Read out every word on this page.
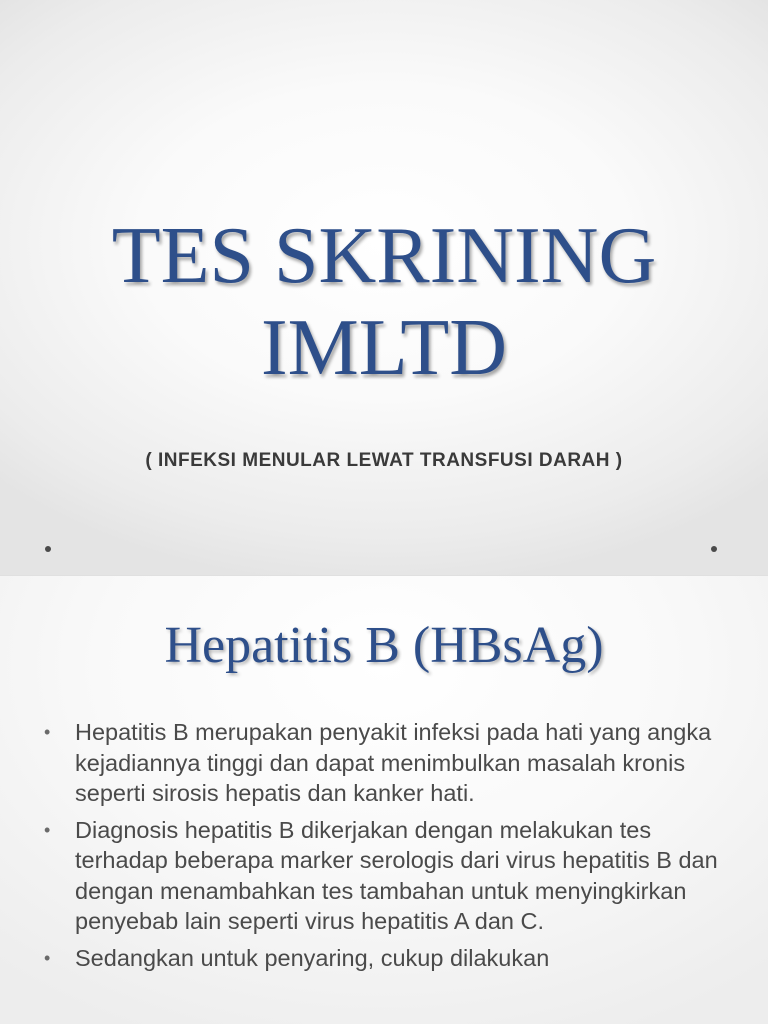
TES SKRINING
IMLTD

( INFEKSI MENULAR LEWAT TRANSFUSI DARAH )

Hepatitis B (HBsAg)
• Hepatitis B merupakan penyakit infeksi pada hati yang angka kejadiannya tinggi dan dapat menimbulkan masalah kronis seperti sirosis hepatis dan kanker hati.
• Diagnosis hepatitis B dikerjakan dengan melakukan tes terhadap beberapa marker serologis dari virus hepatitis B dan dengan menambahkan tes tambahan untuk menyingkirkan penyebab lain seperti virus hepatitis A dan C.
• Sedangkan untuk penyaring, cukup dilakukan
